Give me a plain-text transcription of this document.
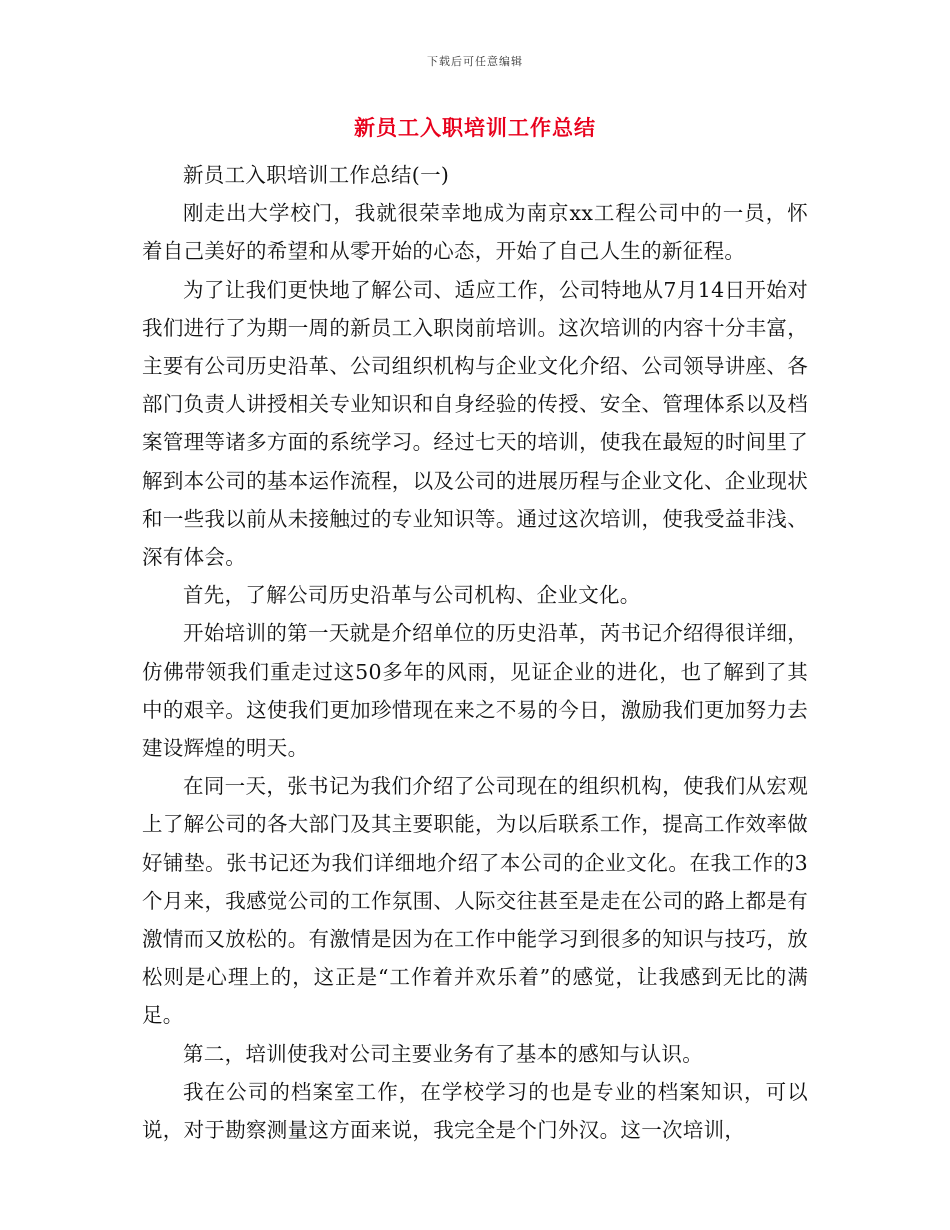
下载后可任意编辑
新员工入职培训工作总结

新员工入职培训工作总结(一)

刚走出大学校门，我就很荣幸地成为南京xx工程公司中的一员，怀着自己美好的希望和从零开始的心态，开始了自己人生的新征程。

为了让我们更快地了解公司、适应工作，公司特地从7月14日开始对我们进行了为期一周的新员工入职岗前培训。这次培训的内容十分丰富，主要有公司历史沿革、公司组织机构与企业文化介绍、公司领导讲座、各部门负责人讲授相关专业知识和自身经验的传授、安全、管理体系以及档案管理等诸多方面的系统学习。经过七天的培训，使我在最短的时间里了解到本公司的基本运作流程，以及公司的进展历程与企业文化、企业现状和一些我以前从未接触过的专业知识等。通过这次培训，使我受益非浅、深有体会。

首先，了解公司历史沿革与公司机构、企业文化。

开始培训的第一天就是介绍单位的历史沿革，芮书记介绍得很详细，仿佛带领我们重走过这50多年的风雨，见证企业的进化，也了解到了其中的艰辛。这使我们更加珍惜现在来之不易的今日，激励我们更加努力去建设辉煌的明天。

在同一天，张书记为我们介绍了公司现在的组织机构，使我们从宏观上了解公司的各大部门及其主要职能，为以后联系工作，提高工作效率做好铺垫。张书记还为我们详细地介绍了本公司的企业文化。在我工作的3个月来，我感觉公司的工作氛围、人际交往甚至是走在公司的路上都是有激情而又放松的。有激情是因为在工作中能学习到很多的知识与技巧，放松则是心理上的，这正是“工作着并欢乐着”的感觉，让我感到无比的满足。

第二，培训使我对公司主要业务有了基本的感知与认识。

我在公司的档案室工作，在学校学习的也是专业的档案知识，可以说，对于勘察测量这方面来说，我完全是个门外汉。这一次培训，
